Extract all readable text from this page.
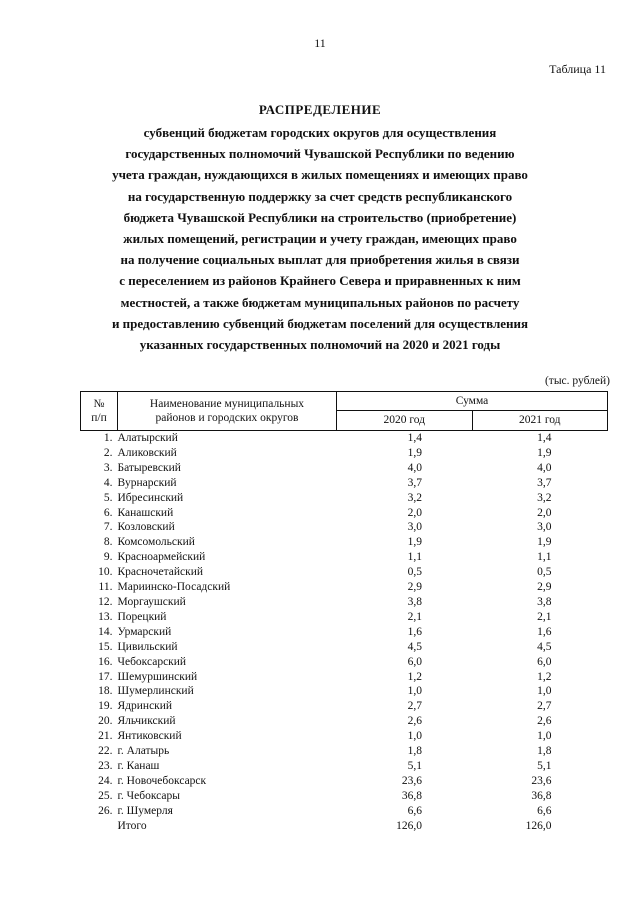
11
Таблица 11
РАСПРЕДЕЛЕНИЕ
субвенций бюджетам городских округов для осуществления
государственных полномочий Чувашской Республики по ведению
учета граждан, нуждающихся в жилых помещениях и имеющих право
на государственную поддержку за счет средств республиканского
бюджета Чувашской Республики на строительство (приобретение)
жилых помещений, регистрации и учету граждан, имеющих право
на получение социальных выплат для приобретения жилья в связи
с переселением из районов Крайнего Севера и приравненных к ним
местностей, а также бюджетам муниципальных районов по расчету
и предоставлению субвенций бюджетам поселений для осуществления
указанных государственных полномочий на 2020 и 2021 годы
(тыс. рублей)
№
п/п	Наименование муниципальных
районов и городских округов	Сумма	
		2020 год	2021 год
1.	Алатырский	1,4	1,4
2.	Аликовский	1,9	1,9
3.	Батыревский	4,0	4,0
4.	Вурнарский	3,7	3,7
5.	Ибресинский	3,2	3,2
6.	Канашский	2,0	2,0
7.	Козловский	3,0	3,0
8.	Комсомольский	1,9	1,9
9.	Красноармейский	1,1	1,1
10.	Красночетайский	0,5	0,5
11.	Мариинско-Посадский	2,9	2,9
12.	Моргаушский	3,8	3,8
13.	Порецкий	2,1	2,1
14.	Урмарский	1,6	1,6
15.	Цивильский	4,5	4,5
16.	Чебоксарский	6,0	6,0
17.	Шемуршинский	1,2	1,2
18.	Шумерлинский	1,0	1,0
19.	Ядринский	2,7	2,7
20.	Яльчикский	2,6	2,6
21.	Янтиковский	1,0	1,0
22.	г. Алатырь	1,8	1,8
23.	г. Канаш	5,1	5,1
24.	г. Новочебоксарск	23,6	23,6
25.	г. Чебоксары	36,8	36,8
26.	г. Шумерля	6,6	6,6
	Итого	126,0	126,0
